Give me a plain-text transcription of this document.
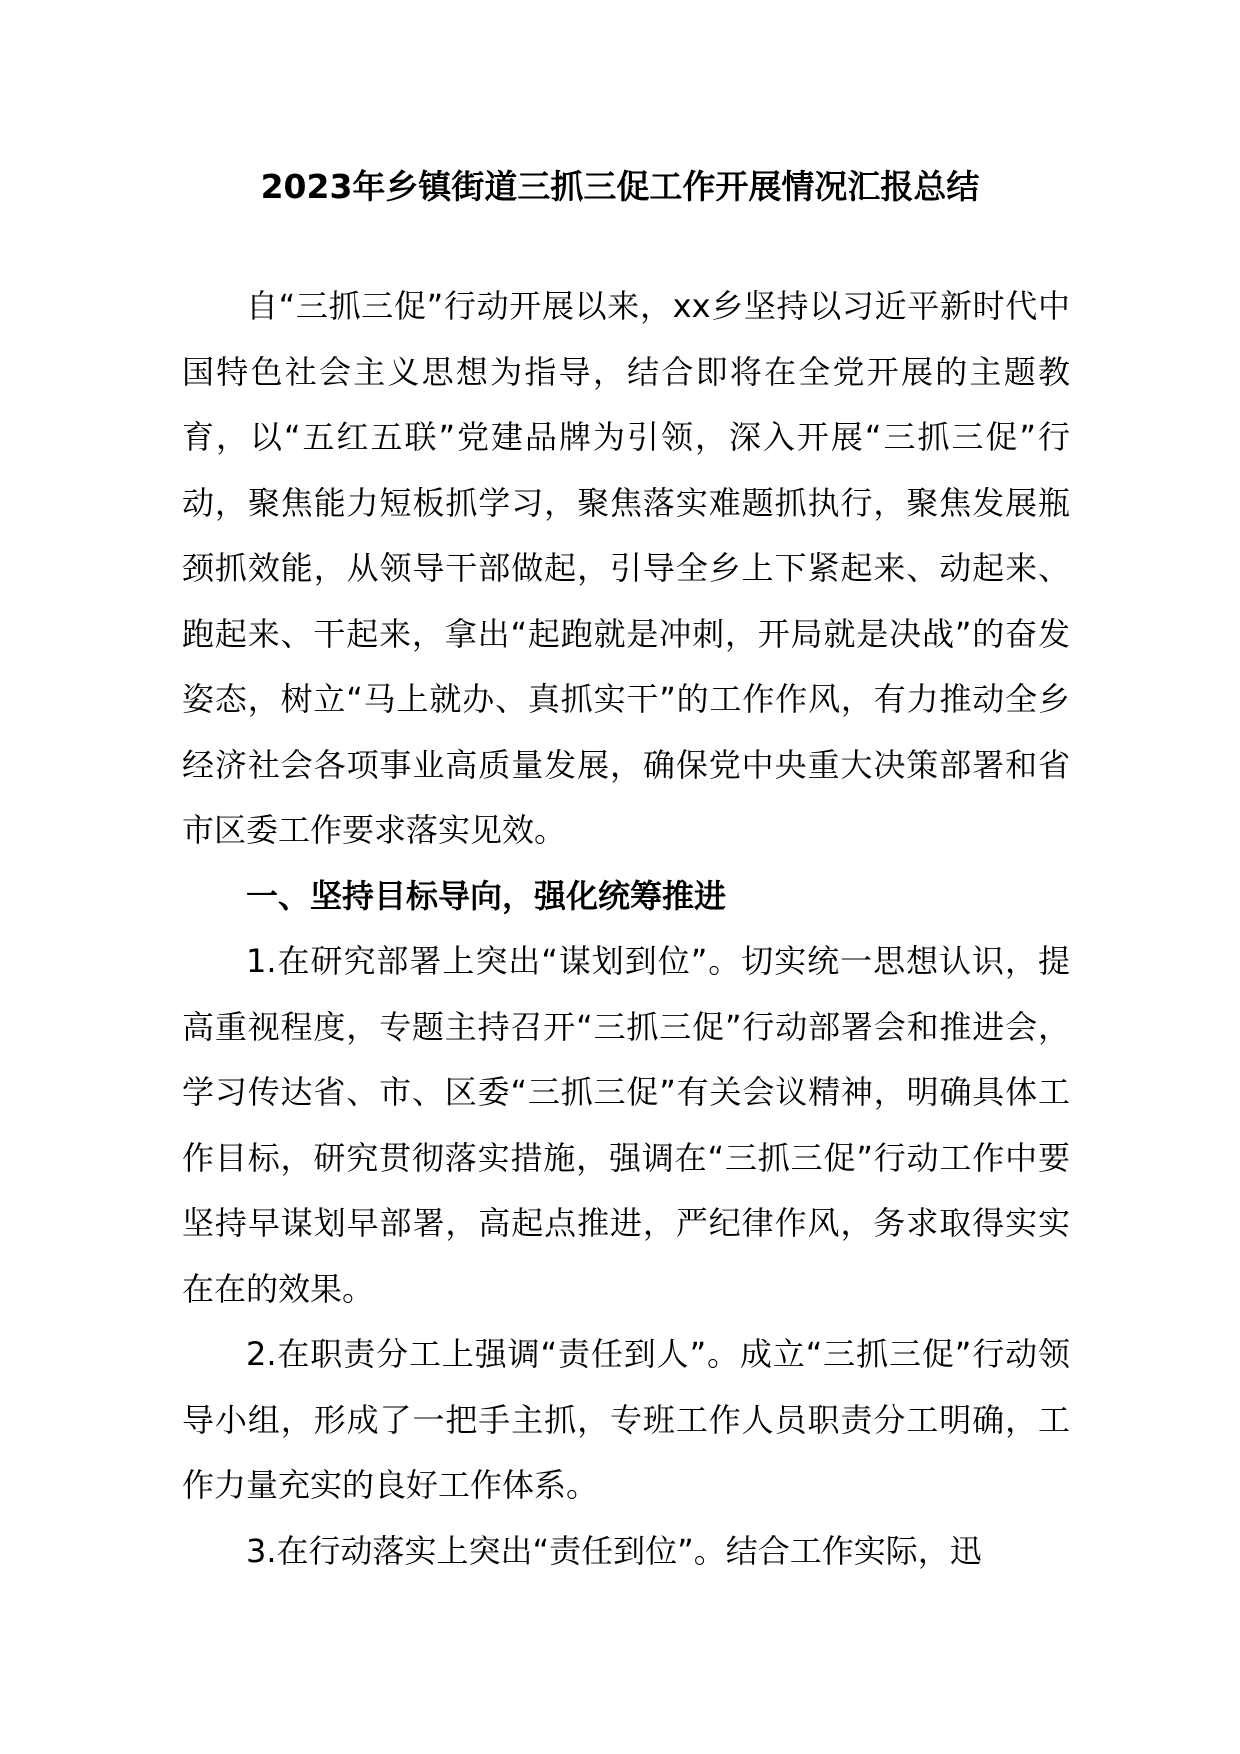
2023年乡镇街道三抓三促工作开展情况汇报总结

自“三抓三促”行动开展以来，xx乡坚持以习近平新时代中国特色社会主义思想为指导，结合即将在全党开展的主题教育，以“五红五联”党建品牌为引领，深入开展“三抓三促”行动，聚焦能力短板抓学习，聚焦落实难题抓执行，聚焦发展瓶颈抓效能，从领导干部做起，引导全乡上下紧起来、动起来、跑起来、干起来，拿出“起跑就是冲刺，开局就是决战”的奋发姿态，树立“马上就办、真抓实干”的工作作风，有力推动全乡经济社会各项事业高质量发展，确保党中央重大决策部署和省市区委工作要求落实见效。

一、坚持目标导向，强化统筹推进

1.在研究部署上突出“谋划到位”。切实统一思想认识，提高重视程度，专题主持召开“三抓三促”行动部署会和推进会，学习传达省、市、区委“三抓三促”有关会议精神，明确具体工作目标，研究贯彻落实措施，强调在“三抓三促”行动工作中要坚持早谋划早部署，高起点推进，严纪律作风，务求取得实实在在的效果。

2.在职责分工上强调“责任到人”。成立“三抓三促”行动领导小组，形成了一把手主抓，专班工作人员职责分工明确，工作力量充实的良好工作体系。

3.在行动落实上突出“责任到位”。结合工作实际，迅
